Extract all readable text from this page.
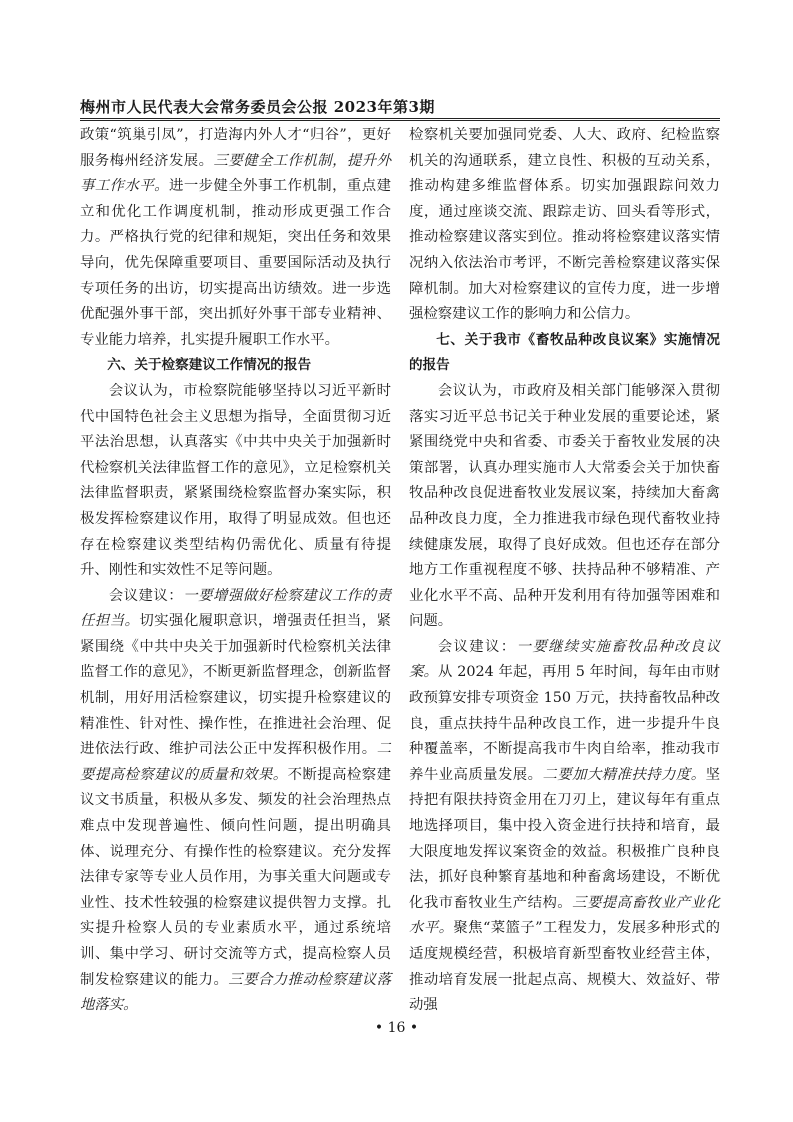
梅州市人民代表大会常务委员会公报 2023年第3期

政策“筑巢引凤”，打造海内外人才“归谷”，更好服务梅州经济发展。三要健全工作机制，提升外事工作水平。进一步健全外事工作机制，重点建立和优化工作调度机制，推动形成更强工作合力。严格执行党的纪律和规矩，突出任务和效果导向，优先保障重要项目、重要国际活动及执行专项任务的出访，切实提高出访绩效。进一步选优配强外事干部，突出抓好外事干部专业精神、专业能力培养，扎实提升履职工作水平。

六、关于检察建议工作情况的报告

会议认为，市检察院能够坚持以习近平新时代中国特色社会主义思想为指导，全面贯彻习近平法治思想，认真落实《中共中央关于加强新时代检察机关法律监督工作的意见》，立足检察机关法律监督职责，紧紧围绕检察监督办案实际，积极发挥检察建议作用，取得了明显成效。但也还存在检察建议类型结构仍需优化、质量有待提升、刚性和实效性不足等问题。

会议建议：一要增强做好检察建议工作的责任担当。切实强化履职意识，增强责任担当，紧紧围绕《中共中央关于加强新时代检察机关法律监督工作的意见》，不断更新监督理念，创新监督机制，用好用活检察建议，切实提升检察建议的精准性、针对性、操作性，在推进社会治理、促进依法行政、维护司法公正中发挥积极作用。二要提高检察建议的质量和效果。不断提高检察建议文书质量，积极从多发、频发的社会治理热点难点中发现普遍性、倾向性问题，提出明确具体、说理充分、有操作性的检察建议。充分发挥法律专家等专业人员作用，为事关重大问题或专业性、技术性较强的检察建议提供智力支撑。扎实提升检察人员的专业素质水平，通过系统培训、集中学习、研讨交流等方式，提高检察人员制发检察建议的能力。三要合力推动检察建议落地落实。

检察机关要加强同党委、人大、政府、纪检监察机关的沟通联系，建立良性、积极的互动关系，推动构建多维监督体系。切实加强跟踪问效力度，通过座谈交流、跟踪走访、回头看等形式，推动检察建议落实到位。推动将检察建议落实情况纳入依法治市考评，不断完善检察建议落实保障机制。加大对检察建议的宣传力度，进一步增强检察建议工作的影响力和公信力。

七、关于我市《畜牧品种改良议案》实施情况的报告

会议认为，市政府及相关部门能够深入贯彻落实习近平总书记关于种业发展的重要论述，紧紧围绕党中央和省委、市委关于畜牧业发展的决策部署，认真办理实施市人大常委会关于加快畜牧品种改良促进畜牧业发展议案，持续加大畜禽品种改良力度，全力推进我市绿色现代畜牧业持续健康发展，取得了良好成效。但也还存在部分地方工作重视程度不够、扶持品种不够精准、产业化水平不高、品种开发利用有待加强等困难和问题。

会议建议：一要继续实施畜牧品种改良议案。从 2024 年起，再用 5 年时间，每年由市财政预算安排专项资金 150 万元，扶持畜牧品种改良，重点扶持牛品种改良工作，进一步提升牛良种覆盖率，不断提高我市牛肉自给率，推动我市养牛业高质量发展。二要加大精准扶持力度。坚持把有限扶持资金用在刀刃上，建议每年有重点地选择项目，集中投入资金进行扶持和培育，最大限度地发挥议案资金的效益。积极推广良种良法，抓好良种繁育基地和种畜禽场建设，不断优化我市畜牧业生产结构。三要提高畜牧业产业化水平。聚焦“菜篮子”工程发力，发展多种形式的适度规模经营，积极培育新型畜牧业经营主体，推动培育发展一批起点高、规模大、效益好、带动强

• 16 •
